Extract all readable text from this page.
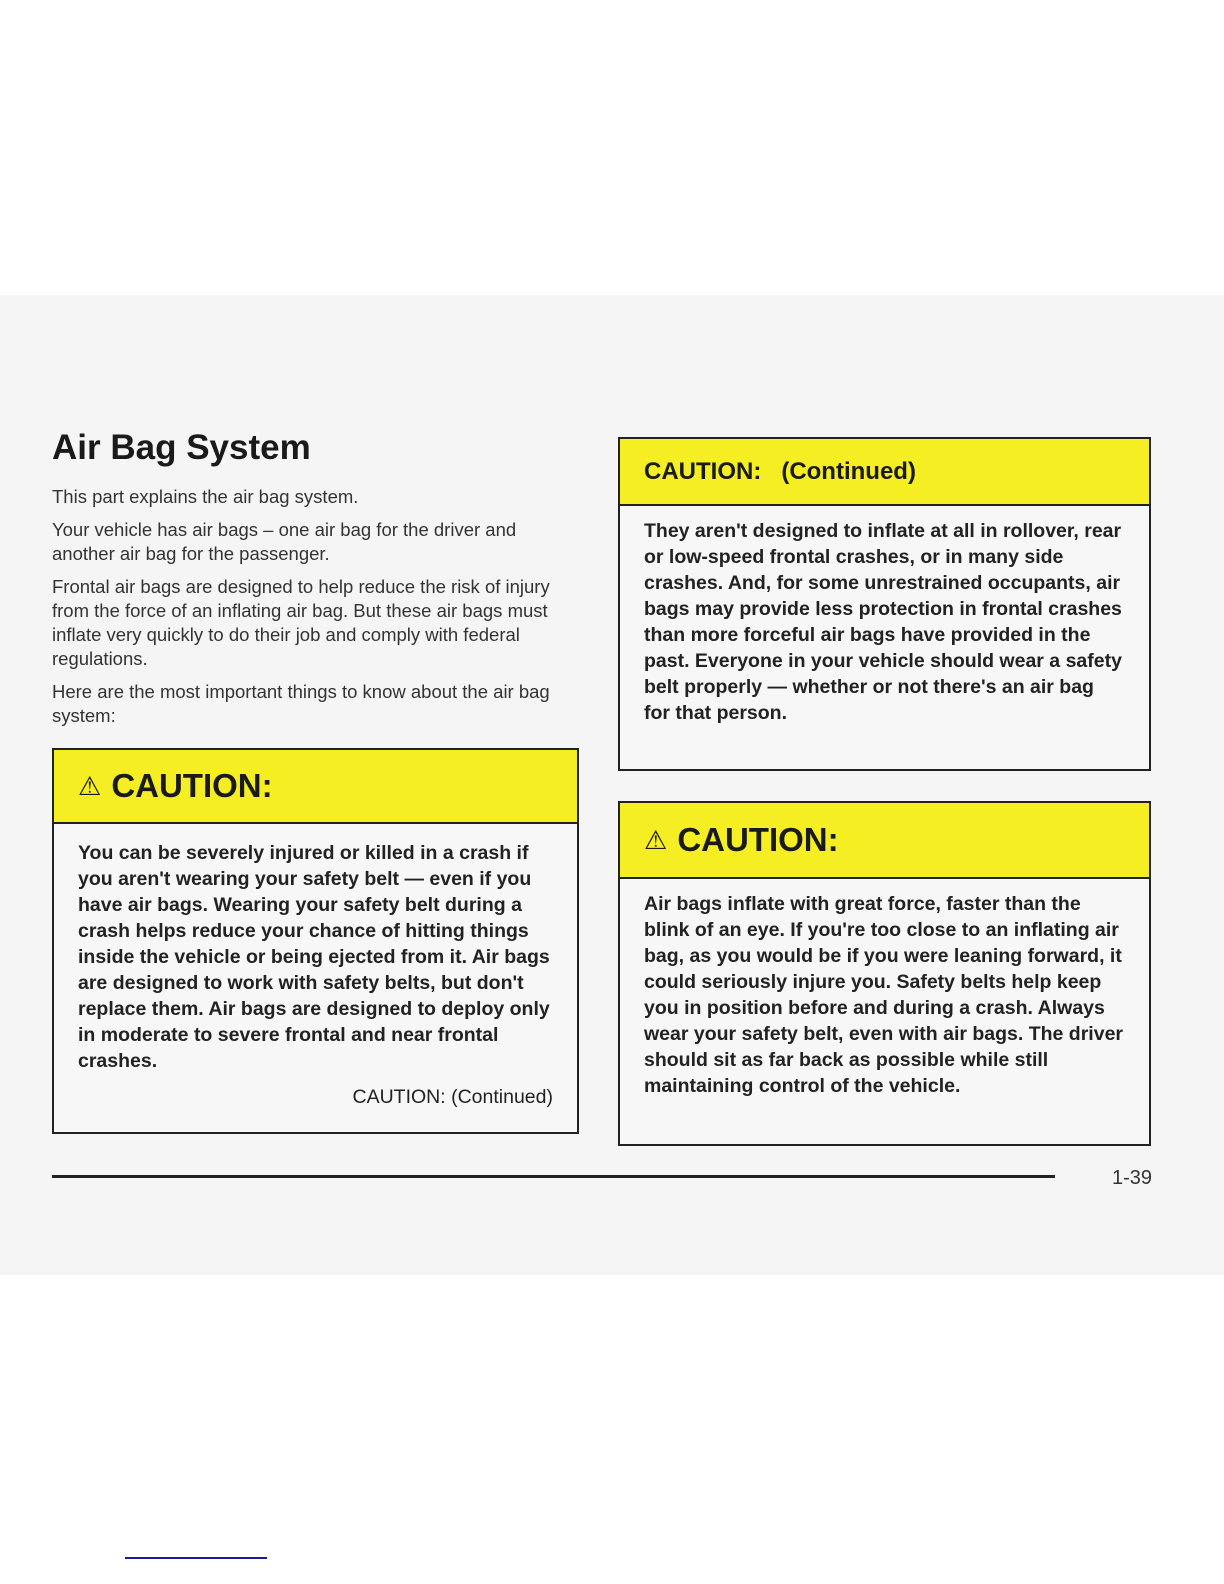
Air Bag System

This part explains the air bag system.

Your vehicle has air bags – one air bag for the driver and another air bag for the passenger.

Frontal air bags are designed to help reduce the risk of injury from the force of an inflating air bag. But these air bags must inflate very quickly to do their job and comply with federal regulations.

Here are the most important things to know about the air bag system:

⚠ CAUTION:
You can be severely injured or killed in a crash if you aren't wearing your safety belt — even if you have air bags. Wearing your safety belt during a crash helps reduce your chance of hitting things inside the vehicle or being ejected from it. Air bags are designed to work with safety belts, but don't replace them. Air bags are designed to deploy only in moderate to severe frontal and near frontal crashes.
CAUTION: (Continued)
CAUTION:   (Continued)
They aren't designed to inflate at all in rollover, rear or low-speed frontal crashes, or in many side crashes. And, for some unrestrained occupants, air bags may provide less protection in frontal crashes than more forceful air bags have provided in the past. Everyone in your vehicle should wear a safety belt properly — whether or not there's an air bag for that person.
⚠ CAUTION:
Air bags inflate with great force, faster than the blink of an eye. If you're too close to an inflating air bag, as you would be if you were leaning forward, it could seriously injure you. Safety belts help keep you in position before and during a crash. Always wear your safety belt, even with air bags. The driver should sit as far back as possible while still maintaining control of the vehicle.
1-39
